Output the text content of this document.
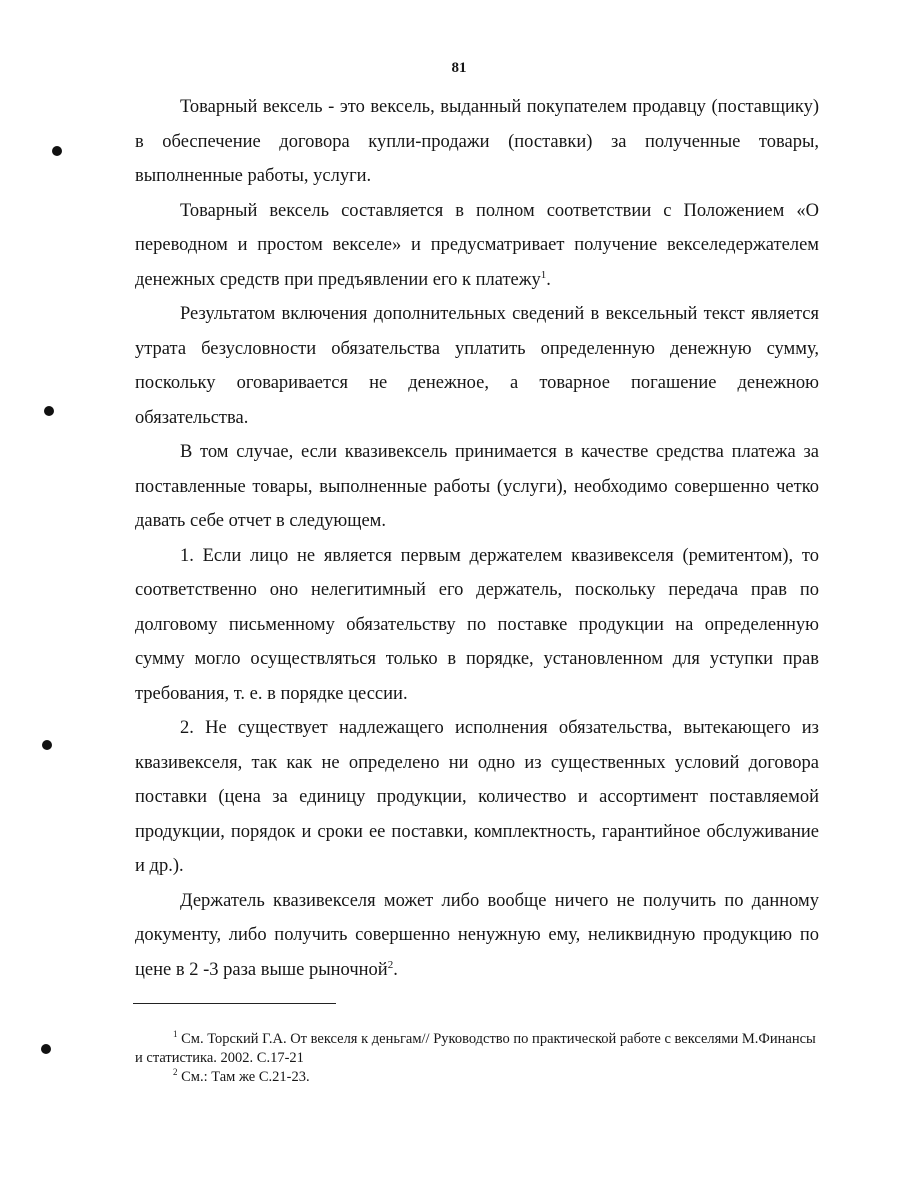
81

Товарный вексель - это вексель, выданный покупателем продавцу (поставщику) в обеспечение договора купли-продажи (поставки) за полученные товары, выполненные работы, услуги.

Товарный вексель составляется в полном соответствии с Положением «О переводном и простом векселе» и предусматривает получение векселедержателем денежных средств при предъявлении его к платежу$^1$.

Результатом включения дополнительных сведений в вексельный текст является утрата безусловности обязательства уплатить определенную денежную сумму, поскольку оговаривается не денежное, а товарное погашение денежною обязательства.

В том случае, если квазивексель принимается в качестве средства платежа за поставленные товары, выполненные работы (услуги), необходимо совершенно четко давать себе отчет в следующем.

1. Если лицо не является первым держателем квазивекселя (ремитентом), то соответственно оно нелегитимный его держатель, поскольку передача прав по долговому письменному обязательству по поставке продукции на определенную сумму могло осуществляться только в порядке, установленном для уступки прав требования, т. е. в порядке цессии.

2. Не существует надлежащего исполнения обязательства, вытекающего из квазивекселя, так как не определено ни одно из существенных условий договора поставки (цена за единицу продукции, количество и ассортимент поставляемой продукции, порядок и сроки ее поставки, комплектность, гарантийное обслуживание и др.).

Держатель квазивекселя может либо вообще ничего не получить по данному документу, либо получить совершенно ненужную ему, неликвидную продукцию по цене в 2 -3 раза выше рыночной$^2$.

$^1$ См. Торский Г.А. От векселя к деньгам// Руководство по практической работе с векселями М.Финансы и статистика. 2002. С.17-21

$^2$ См.: Там же С.21-23.
